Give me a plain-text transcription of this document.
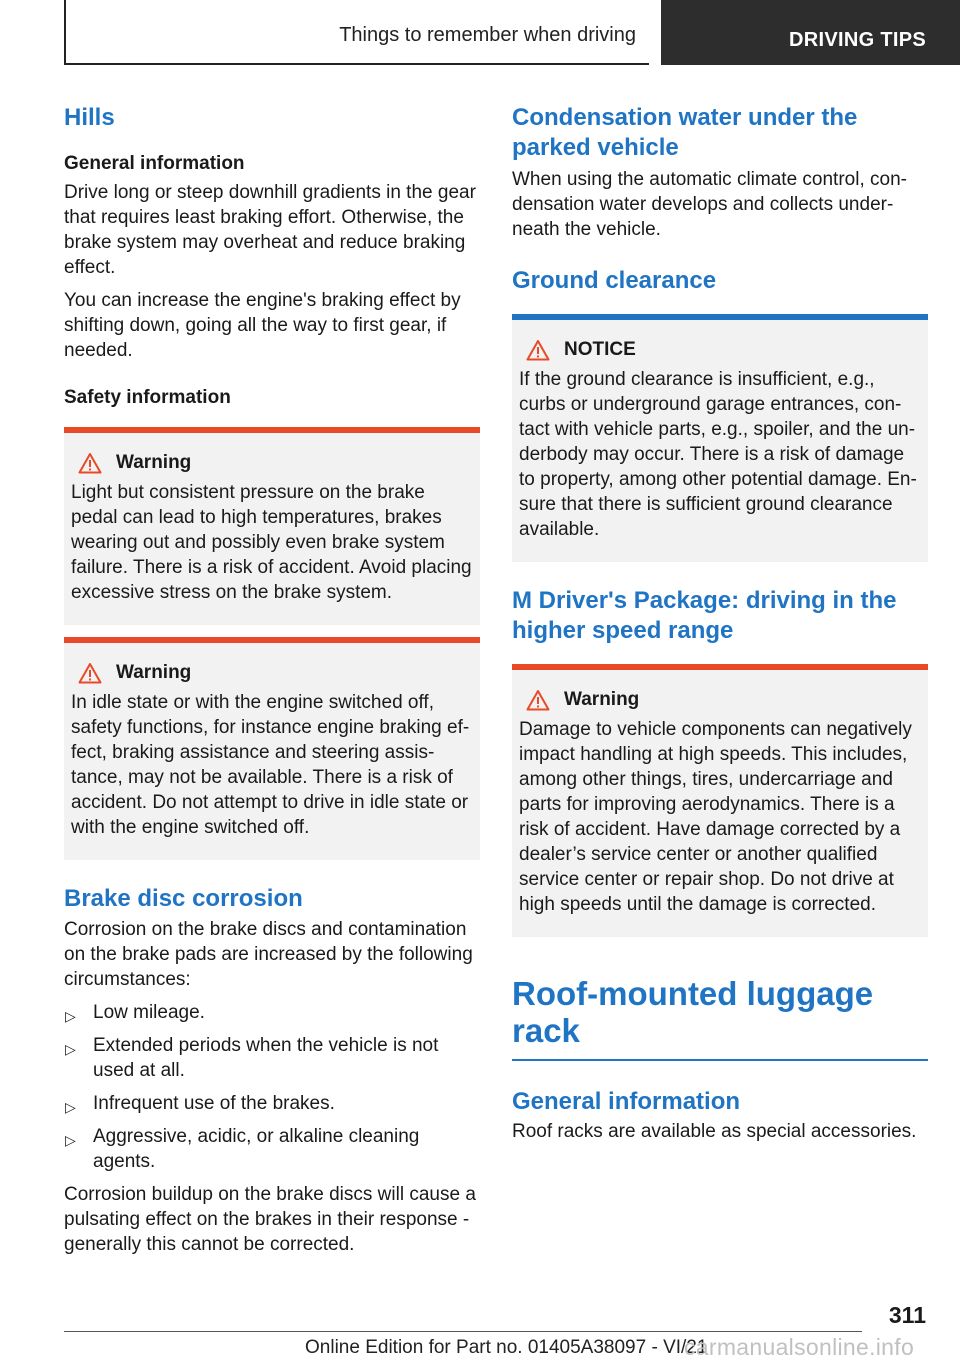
Things to remember when driving	DRIVING TIPS
Hills
General information

Drive long or steep downhill gradients in the gear that requires least braking effort. Otherwise, the brake system may overheat and reduce braking effect.

You can increase the engine's braking effect by shifting down, going all the way to first gear, if needed.

Safety information
Warning

Light but consistent pressure on the brake pedal can lead to high temperatures, brakes wearing out and possibly even brake system failure. There is a risk of accident. Avoid placing excessive stress on the brake system.

Warning

In idle state or with the engine switched off, safety functions, for instance engine braking ef-fect, braking assistance and steering assis-tance, may not be available. There is a risk of accident. Do not attempt to drive in idle state or with the engine switched off.

Brake disc corrosion

Corrosion on the brake discs and contamination on the brake pads are increased by the following circumstances:

▷ Low mileage.
▷ Extended periods when the vehicle is not used at all.
▷ Infrequent use of the brakes.
▷ Aggressive, acidic, or alkaline cleaning agents.

Corrosion buildup on the brake discs will cause a pulsating effect on the brakes in their response - generally this cannot be corrected.

Condensation water under the parked vehicle

When using the automatic climate control, con-densation water develops and collects under-neath the vehicle.

Ground clearance
NOTICE

If the ground clearance is insufficient, e.g., curbs or underground garage entrances, con-tact with vehicle parts, e.g., spoiler, and the un-derbody may occur. There is a risk of damage to property, among other potential damage. En-sure that there is sufficient ground clearance available.

M Driver's Package: driving in the higher speed range
Warning

Damage to vehicle components can negatively impact handling at high speeds. This includes, among other things, tires, undercarriage and parts for improving aerodynamics. There is a risk of accident. Have damage corrected by a dealer’s service center or another qualified service center or repair shop. Do not drive at high speeds until the damage is corrected.

Roof-mounted luggage rack
General information

Roof racks are available as special accessories.

311
Online Edition for Part no. 01405A38097 - VI/21
carmanualsonline.info
